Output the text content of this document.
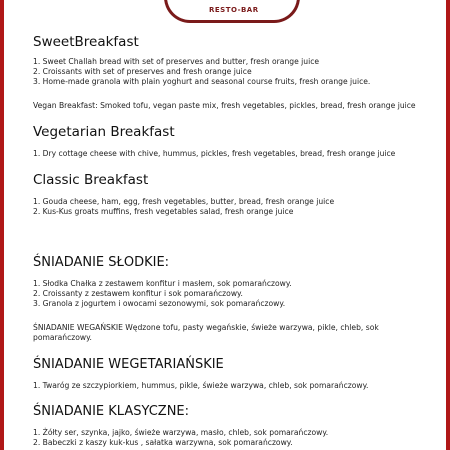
RESTO-BAR
SweetBreakfast

1. Sweet Challah bread with set of preserves and butter, fresh orange juice

2. Croissants with set of preserves and fresh orange juice

3. Home-made granola with plain yoghurt and seasonal course fruits, fresh orange juice.

Vegan Breakfast: Smoked tofu, vegan paste mix, fresh vegetables, pickles, bread, fresh orange juice

Vegetarian Breakfast

1. Dry cottage cheese with chive, hummus, pickles, fresh vegetables, bread, fresh orange juice

Classic Breakfast

1. Gouda cheese, ham, egg, fresh vegetables, butter, bread, fresh orange juice

2. Kus-Kus groats muffins, fresh vegetables salad, fresh orange juice

ŚNIADANIE SŁODKIE:

1. Słodka Chałka z zestawem konfitur i masłem, sok pomarańczowy.

2. Croissanty z zestawem konfitur i sok pomarańczowy.

3. Granola z jogurtem i owocami sezonowymi, sok pomarańczowy.

ŚNIADANIE WEGAŃSKIE Wędzone tofu, pasty wegańskie, świeże warzywa, pikle, chleb, sok pomarańczowy.

ŚNIADANIE WEGETARIAŃSKIE

1. Twaróg ze szczypiorkiem, hummus, pikle, świeże warzywa, chleb, sok pomarańczowy.

ŚNIADANIE KLASYCZNE:

1. Żółty ser, szynka, jajko, świeże warzywa, masło, chleb, sok pomarańczowy.

2. Babeczki z kaszy kuk-kus , sałatka warzywna, sok pomarańczowy.
